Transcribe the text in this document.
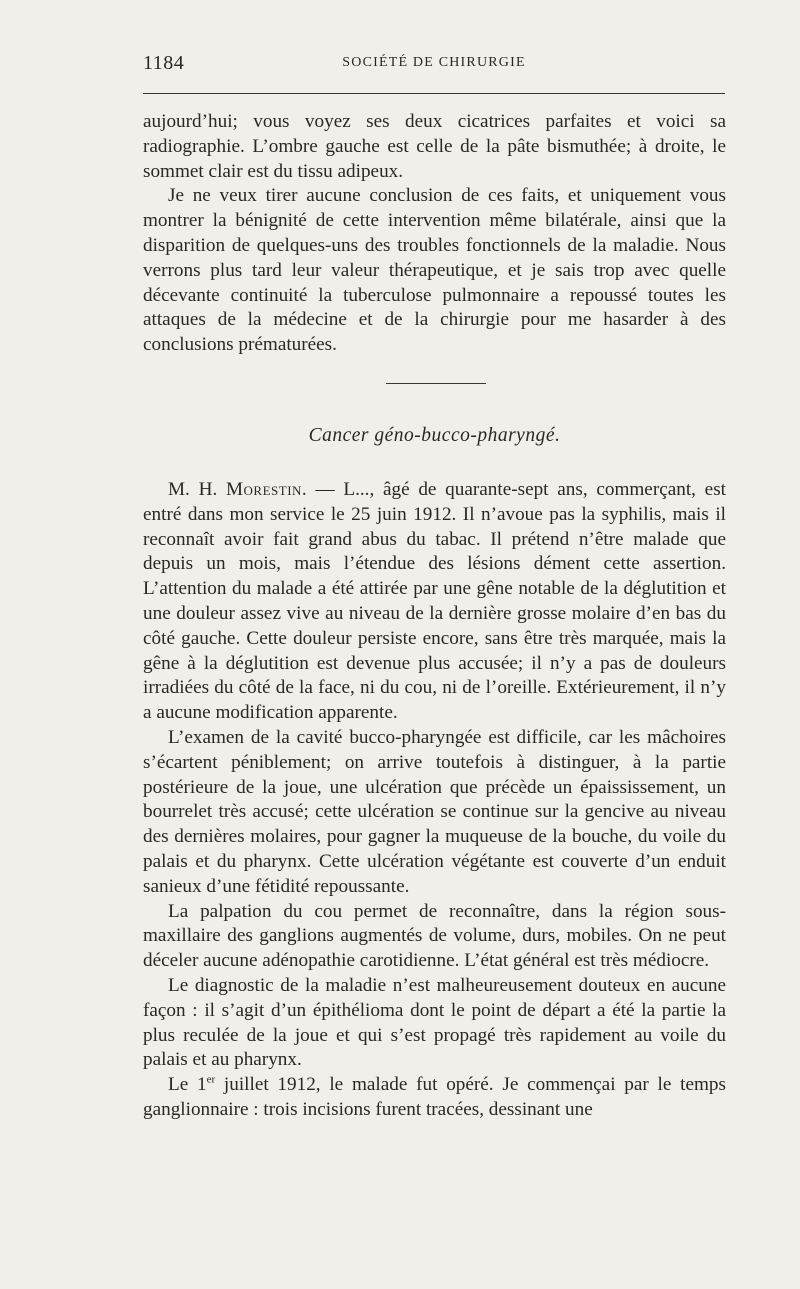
1184	SOCIÉTÉ DE CHIRURGIE

aujourd’hui; vous voyez ses deux cicatrices parfaites et voici sa radiographie. L’ombre gauche est celle de la pâte bismuthée; à droite, le sommet clair est du tissu adipeux.

Je ne veux tirer aucune conclusion de ces faits, et uniquement vous montrer la bénignité de cette intervention même bilatérale, ainsi que la disparition de quelques-uns des troubles fonctionnels de la maladie. Nous verrons plus tard leur valeur thérapeutique, et je sais trop avec quelle décevante continuité la tuberculose pulmonnaire a repoussé toutes les attaques de la médecine et de la chirurgie pour me hasarder à des conclusions prématurées.

Cancer géno-bucco-pharyngé.

M. H. Morestin. — L..., âgé de quarante-sept ans, commerçant, est entré dans mon service le 25 juin 1912. Il n’avoue pas la syphilis, mais il reconnaît avoir fait grand abus du tabac. Il prétend n’être malade que depuis un mois, mais l’étendue des lésions dément cette assertion. L’attention du malade a été attirée par une gêne notable de la déglutition et une douleur assez vive au niveau de la dernière grosse molaire d’en bas du côté gauche. Cette douleur persiste encore, sans être très marquée, mais la gêne à la déglutition est devenue plus accusée; il n’y a pas de douleurs irradiées du côté de la face, ni du cou, ni de l’oreille. Extérieurement, il n’y a aucune modification apparente.

L’examen de la cavité bucco-pharyngée est difficile, car les mâchoires s’écartent péniblement; on arrive toutefois à distinguer, à la partie postérieure de la joue, une ulcération que précède un épaississement, un bourrelet très accusé; cette ulcération se continue sur la gencive au niveau des dernières molaires, pour gagner la muqueuse de la bouche, du voile du palais et du pharynx. Cette ulcération végétante est couverte d’un enduit sanieux d’une fétidité repoussante.

La palpation du cou permet de reconnaître, dans la région sous-maxillaire des ganglions augmentés de volume, durs, mobiles. On ne peut déceler aucune adénopathie carotidienne. L’état général est très médiocre.

Le diagnostic de la maladie n’est malheureusement douteux en aucune façon : il s’agit d’un épithélioma dont le point de départ a été la partie la plus reculée de la joue et qui s’est propagé très rapidement au voile du palais et au pharynx.

Le 1er juillet 1912, le malade fut opéré. Je commençai par le temps ganglionnaire : trois incisions furent tracées, dessinant une
